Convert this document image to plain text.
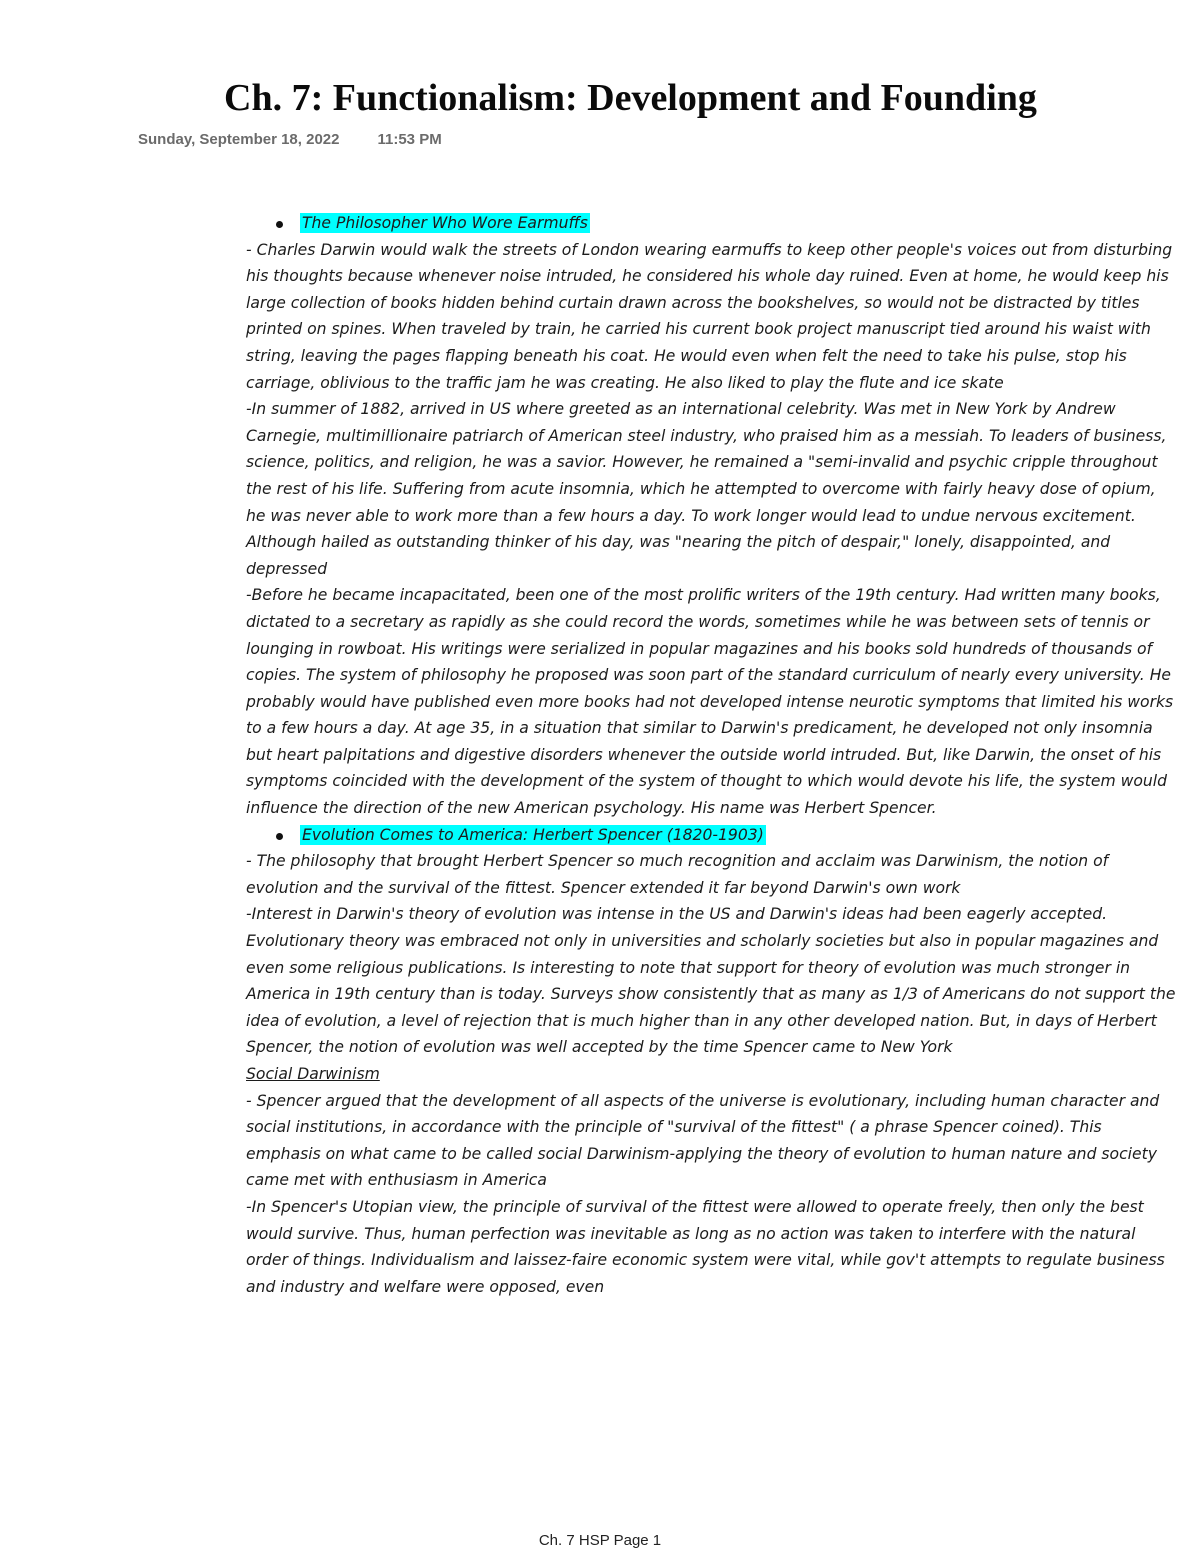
Ch. 7: Functionalism: Development and Founding
Sunday, September 18, 2022	11:53 PM
The Philosopher Who Wore Earmuffs

- Charles Darwin would walk the streets of London wearing earmuffs to keep other people's voices out from disturbing his thoughts because whenever noise intruded, he considered his whole day ruined. Even at home, he would keep his large collection of books hidden behind curtain drawn across the bookshelves, so would not be distracted by titles printed on spines. When traveled by train, he carried his current book project manuscript tied around his waist with string, leaving the pages flapping beneath his coat. He would even when felt the need to take his pulse, stop his carriage, oblivious to the traffic jam he was creating. He also liked to play the flute and ice skate

-In summer of 1882, arrived in US where greeted as an international celebrity. Was met in New York by Andrew Carnegie, multimillionaire patriarch of American steel industry, who praised him as a messiah. To leaders of business, science, politics, and religion, he was a savior. However, he remained a "semi-invalid and psychic cripple throughout the rest of his life. Suffering from acute insomnia, which he attempted to overcome with fairly heavy dose of opium, he was never able to work more than a few hours a day. To work longer would lead to undue nervous excitement. Although hailed as outstanding thinker of his day, was "nearing the pitch of despair," lonely, disappointed, and depressed

-Before he became incapacitated, been one of the most prolific writers of the 19th century. Had written many books, dictated to a secretary as rapidly as she could record the words, sometimes while he was between sets of tennis or lounging in rowboat. His writings were serialized in popular magazines and his books sold hundreds of thousands of copies. The system of philosophy he proposed was soon part of the standard curriculum of nearly every university. He probably would have published even more books had not developed intense neurotic symptoms that limited his works to a few hours a day. At age 35, in a situation that similar to Darwin's predicament, he developed not only insomnia but heart palpitations and digestive disorders whenever the outside world intruded. But, like Darwin, the onset of his symptoms coincided with the development of the system of thought to which would devote his life, the system would influence the direction of the new American psychology. His name was Herbert Spencer.

Evolution Comes to America: Herbert Spencer (1820-1903)

- The philosophy that brought Herbert Spencer so much recognition and acclaim was Darwinism, the notion of evolution and the survival of the fittest. Spencer extended it far beyond Darwin's own work

-Interest in Darwin's theory of evolution was intense in the US and Darwin's ideas had been eagerly accepted. Evolutionary theory was embraced not only in universities and scholarly societies but also in popular magazines and even some religious publications. Is interesting to note that support for theory of evolution was much stronger in America in 19th century than is today. Surveys show consistently that as many as 1/3 of Americans do not support the idea of evolution, a level of rejection that is much higher than in any other developed nation. But, in days of Herbert Spencer, the notion of evolution was well accepted by the time Spencer came to New York

Social Darwinism

- Spencer argued that the development of all aspects of the universe is evolutionary, including human character and social institutions, in accordance with the principle of "survival of the fittest" ( a phrase Spencer coined). This emphasis on what came to be called social Darwinism-applying the theory of evolution to human nature and society came met with enthusiasm in America

-In Spencer's Utopian view, the principle of survival of the fittest were allowed to operate freely, then only the best would survive. Thus, human perfection was inevitable as long as no action was taken to interfere with the natural order of things. Individualism and laissez-faire economic system were vital, while gov't attempts to regulate business and industry and welfare were opposed, even

Ch. 7 HSP Page 1
